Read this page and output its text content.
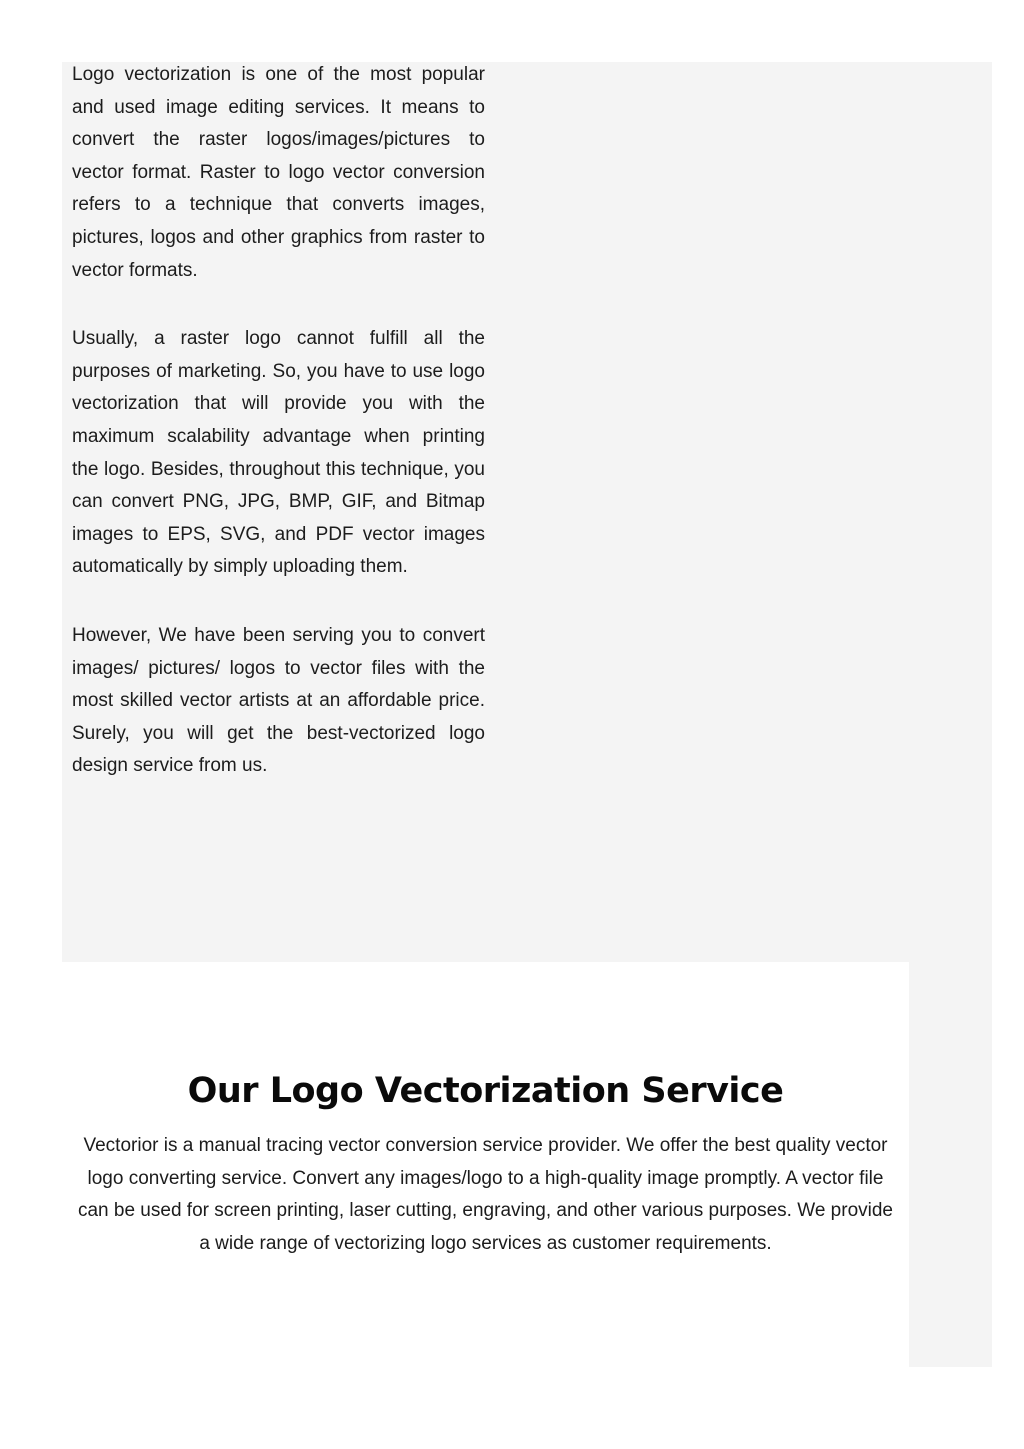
Logo vectorization is one of the most popular and used image editing services. It means to convert the raster logos/images/pictures to vector format. Raster to logo vector conversion refers to a technique that converts images, pictures, logos and other graphics from raster to vector formats.

Usually, a raster logo cannot fulfill all the purposes of marketing. So, you have to use logo vectorization that will provide you with the maximum scalability advantage when printing the logo. Besides, throughout this technique, you can convert PNG, JPG, BMP, GIF, and Bitmap images to EPS, SVG, and PDF vector images automatically by simply uploading them.

However, We have been serving you to convert images/ pictures/ logos to vector files with the most skilled vector artists at an affordable price. Surely, you will get the best-vectorized logo design service from us.

Our Logo Vectorization Service

Vectorior is a manual tracing vector conversion service provider. We offer the best quality vector logo converting service. Convert any images/logo to a high-quality image promptly. A vector file can be used for screen printing, laser cutting, engraving, and other various purposes. We provide a wide range of vectorizing logo services as customer requirements.
